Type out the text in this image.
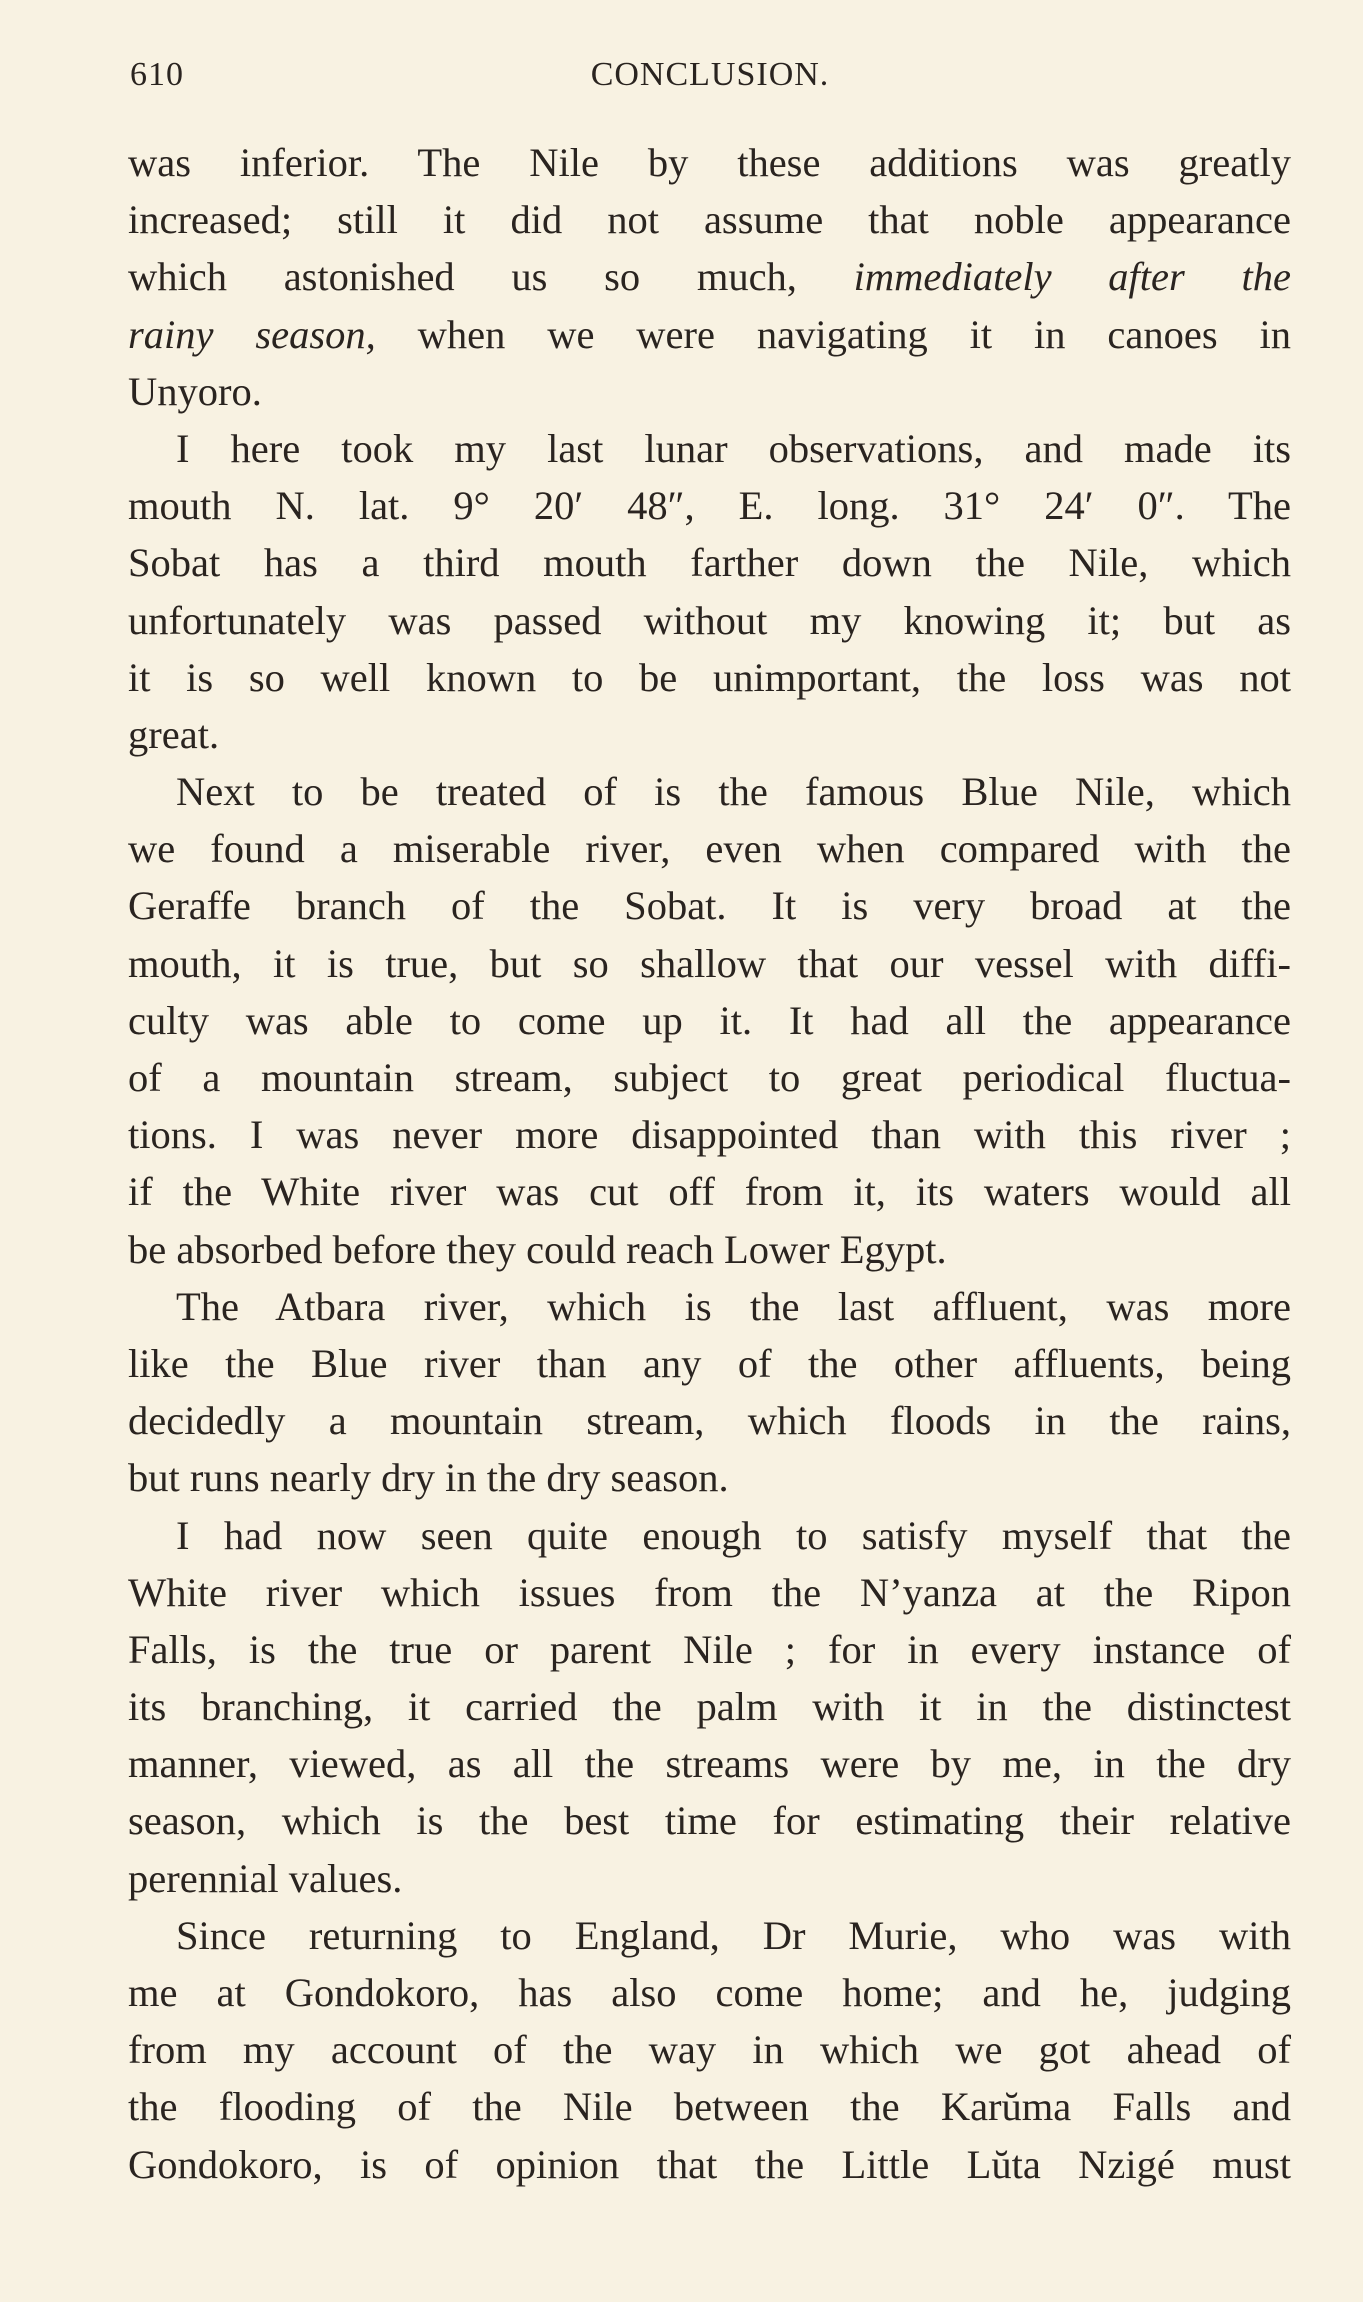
610	CONCLUSION.
was inferior. The Nile by these additions was greatly
increased; still it did not assume that noble appearance
which astonished us so much, immediately after the
rainy season, when we were navigating it in canoes in
Unyoro.
I here took my last lunar observations, and made its
mouth N. lat. 9° 20′ 48″, E. long. 31° 24′ 0″. The
Sobat has a third mouth farther down the Nile, which
unfortunately was passed without my knowing it; but as
it is so well known to be unimportant, the loss was not
great.
Next to be treated of is the famous Blue Nile, which
we found a miserable river, even when compared with the
Geraffe branch of the Sobat. It is very broad at the
mouth, it is true, but so shallow that our vessel with diffi-
culty was able to come up it. It had all the appearance
of a mountain stream, subject to great periodical fluctua-
tions. I was never more disappointed than with this river ;
if the White river was cut off from it, its waters would all
be absorbed before they could reach Lower Egypt.
The Atbara river, which is the last affluent, was more
like the Blue river than any of the other affluents, being
decidedly a mountain stream, which floods in the rains,
but runs nearly dry in the dry season.
I had now seen quite enough to satisfy myself that the
White river which issues from the N’yanza at the Ripon
Falls, is the true or parent Nile ; for in every instance of
its branching, it carried the palm with it in the distinctest
manner, viewed, as all the streams were by me, in the dry
season, which is the best time for estimating their relative
perennial values.
Since returning to England, Dr Murie, who was with
me at Gondokoro, has also come home; and he, judging
from my account of the way in which we got ahead of
the flooding of the Nile between the Karŭma Falls and
Gondokoro, is of opinion that the Little Lŭta Nzigé must
